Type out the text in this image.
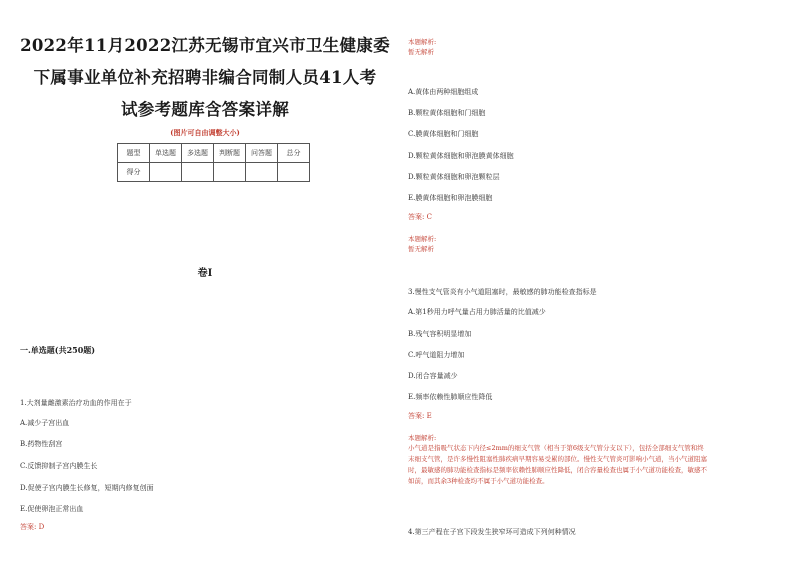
2022年11月2022江苏无锡市宜兴市卫生健康委
下属事业单位补充招聘非编合同制人员41人考
试参考题库含答案详解
(图片可自由调整大小)
题型	单选题	多选题	判断题	问答题	总分
得分					
卷I
一.单选题(共250题)
1.大剂量雌激素治疗功血的作用在于
A.减少子宫出血
B.药物性刮宫
C.反馈抑制子宫内膜生长
D.促使子宫内膜生长修复，短期内修复创面
E.促使卵泡正常出血
答案: D
本题解析:
暂无解析
A.黄体由两种细胞组成
B.颗粒黄体细胞和门细胞
C.膜黄体细胞和门细胞
D.颗粒黄体细胞和卵泡膜黄体细胞
D.颗粒黄体细胞和卵泡颗粒层
E.膜黄体细胞和卵泡膜细胞
答案: C
本题解析:
暂无解析
3.慢性支气管炎有小气道阻塞时，最敏感的肺功能检查指标是
A.第1秒用力呼气量占用力肺活量的比值减少
B.残气容积明显增加
C.呼气道阻力增加
D.闭合容量减少
E.频率依赖性肺顺应性降低
答案: E
本题解析:
小气道是指吸气状态下内径≤2mm的细支气管（相当于第6级支气管分支以下），包括全部细支气管和终
末细支气管，是许多慢性阻塞性肺疾病早期容易受累的部位。慢性支气管炎可影响小气道，当小气道阻塞
时，最敏感的肺功能检查指标是频率依赖性肺顺应性降低，闭合容量检查也属于小气道功能检查，敏感不
如前，而其余3种检查均不属于小气道功能检查。
4.第三产程在子宫下段发生狭窄环可造成下列何种情况
